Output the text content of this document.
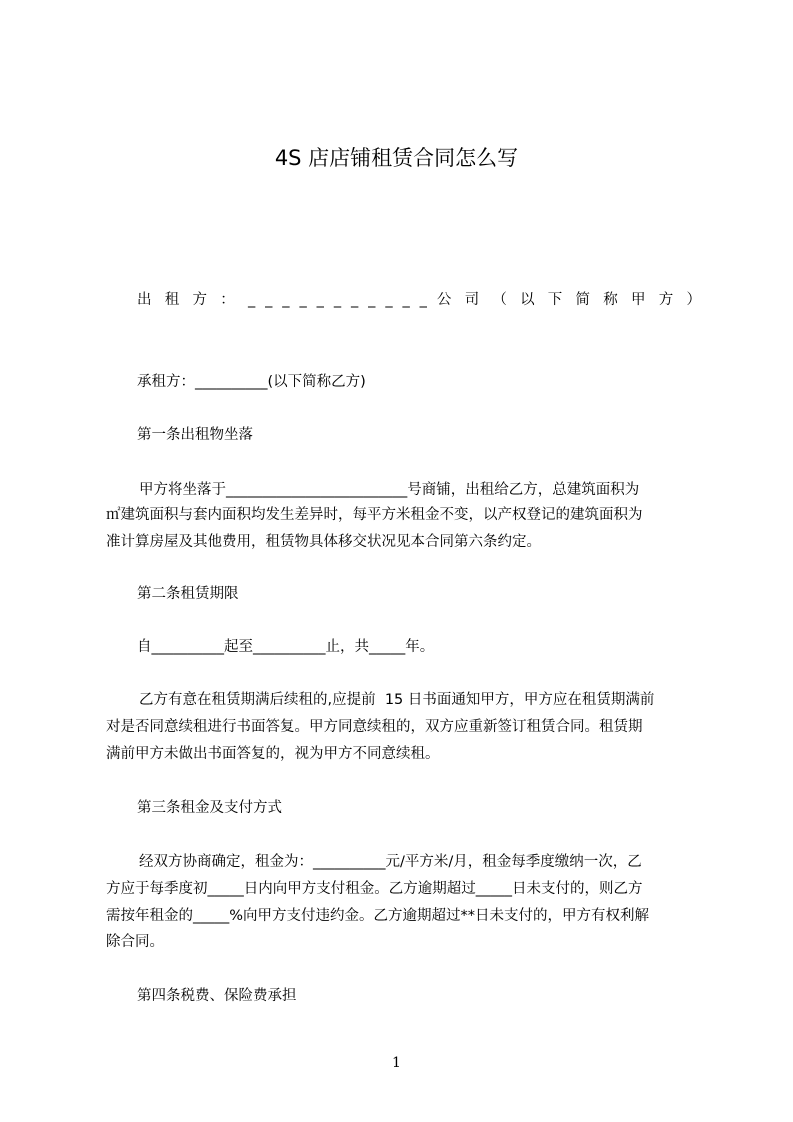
4S 店店铺租赁合同怎么写
出 租 方 ： _ _ _ _ _ _ _ _ _ _ _ 公 司 （ 以 下 简 称 甲 方 ）
承租方：__________(以下简称乙方)
第一条出租物坐落
甲方将坐落于_________________________号商铺，出租给乙方，总建筑面积为
㎡建筑面积与套内面积均发生差异时，每平方米租金不变，以产权登记的建筑面积为
准计算房屋及其他费用，租赁物具体移交状况见本合同第六条约定。
第二条租赁期限
自__________起至__________止，共_____年。
乙方有意在租赁期满后续租的,应提前  15 日书面通知甲方，甲方应在租赁期满前
对是否同意续租进行书面答复。甲方同意续租的，双方应重新签订租赁合同。租赁期
满前甲方未做出书面答复的，视为甲方不同意续租。
第三条租金及支付方式
经双方协商确定，租金为：__________元/平方米/月，租金每季度缴纳一次，乙
方应于每季度初_____日内向甲方支付租金。乙方逾期超过_____日未支付的，则乙方
需按年租金的_____%向甲方支付违约金。乙方逾期超过**日未支付的，甲方有权利解
除合同。
第四条税费、保险费承担
1
